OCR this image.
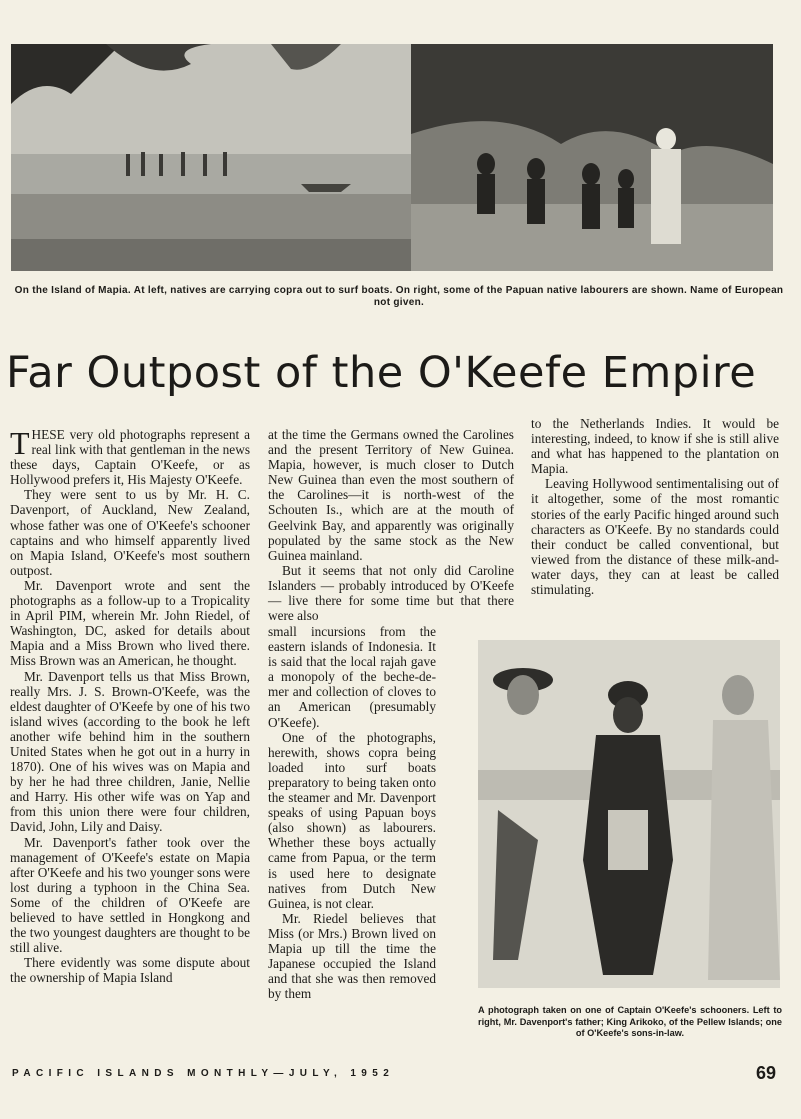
On the Island of Mapia. At left, natives are carrying copra out to surf boats. On right, some of the Papuan native labourers are shown. Name of European not given.
Far Outpost of the O'Keefe Empire

THESE very old photographs represent a real link with that gentleman in the news these days, Captain O'Keefe, or as Hollywood prefers it, His Majesty O'Keefe.

They were sent to us by Mr. H. C. Davenport, of Auckland, New Zealand, whose father was one of O'Keefe's schooner captains and who himself apparently lived on Mapia Island, O'Keefe's most southern outpost.

Mr. Davenport wrote and sent the photographs as a follow-up to a Tropicality in April PIM, wherein Mr. John Riedel, of Washington, DC, asked for details about Mapia and a Miss Brown who lived there. Miss Brown was an American, he thought.

Mr. Davenport tells us that Miss Brown, really Mrs. J. S. Brown-O'Keefe, was the eldest daughter of O'Keefe by one of his two island wives (according to the book he left another wife behind him in the southern United States when he got out in a hurry in 1870). One of his wives was on Mapia and by her he had three children, Janie, Nellie and Harry. His other wife was on Yap and from this union there were four children, David, John, Lily and Daisy.

Mr. Davenport's father took over the management of O'Keefe's estate on Mapia after O'Keefe and his two younger sons were lost during a typhoon in the China Sea. Some of the children of O'Keefe are believed to have settled in Hongkong and the two youngest daughters are thought to be still alive.

There evidently was some dispute about the ownership of Mapia Island

at the time the Germans owned the Carolines and the present Territory of New Guinea. Mapia, however, is much closer to Dutch New Guinea than even the most southern of the Carolines—it is north-west of the Schouten Is., which are at the mouth of Geelvink Bay, and apparently was originally populated by the same stock as the New Guinea mainland.

But it seems that not only did Caroline Islanders — probably introduced by O'Keefe — live there for some time but that there were also

small incursions from the eastern islands of Indonesia. It is said that the local rajah gave a monopoly of the beche-de-mer and collection of cloves to an American (presumably O'Keefe).

One of the photographs, herewith, shows copra being loaded into surf boats preparatory to being taken onto the steamer and Mr. Davenport speaks of using Papuan boys (also shown) as labourers. Whether these boys actually came from Papua, or the term is used here to designate natives from Dutch New Guinea, is not clear.

Mr. Riedel believes that Miss (or Mrs.) Brown lived on Mapia up till the time the Japanese occupied the Island and that she was then removed by them

to the Netherlands Indies. It would be interesting, indeed, to know if she is still alive and what has happened to the plantation on Mapia.

Leaving Hollywood sentimentalising out of it altogether, some of the most romantic stories of the early Pacific hinged around such characters as O'Keefe. By no standards could their conduct be called conventional, but viewed from the distance of these milk-and-water days, they can at least be called stimulating.

A photograph taken on one of Captain O'Keefe's schooners. Left to right, Mr. Davenport's father; King Arikoko, of the Pellew Islands; one of O'Keefe's sons-in-law.
PACIFIC ISLANDS MONTHLY—JULY, 1952	69
